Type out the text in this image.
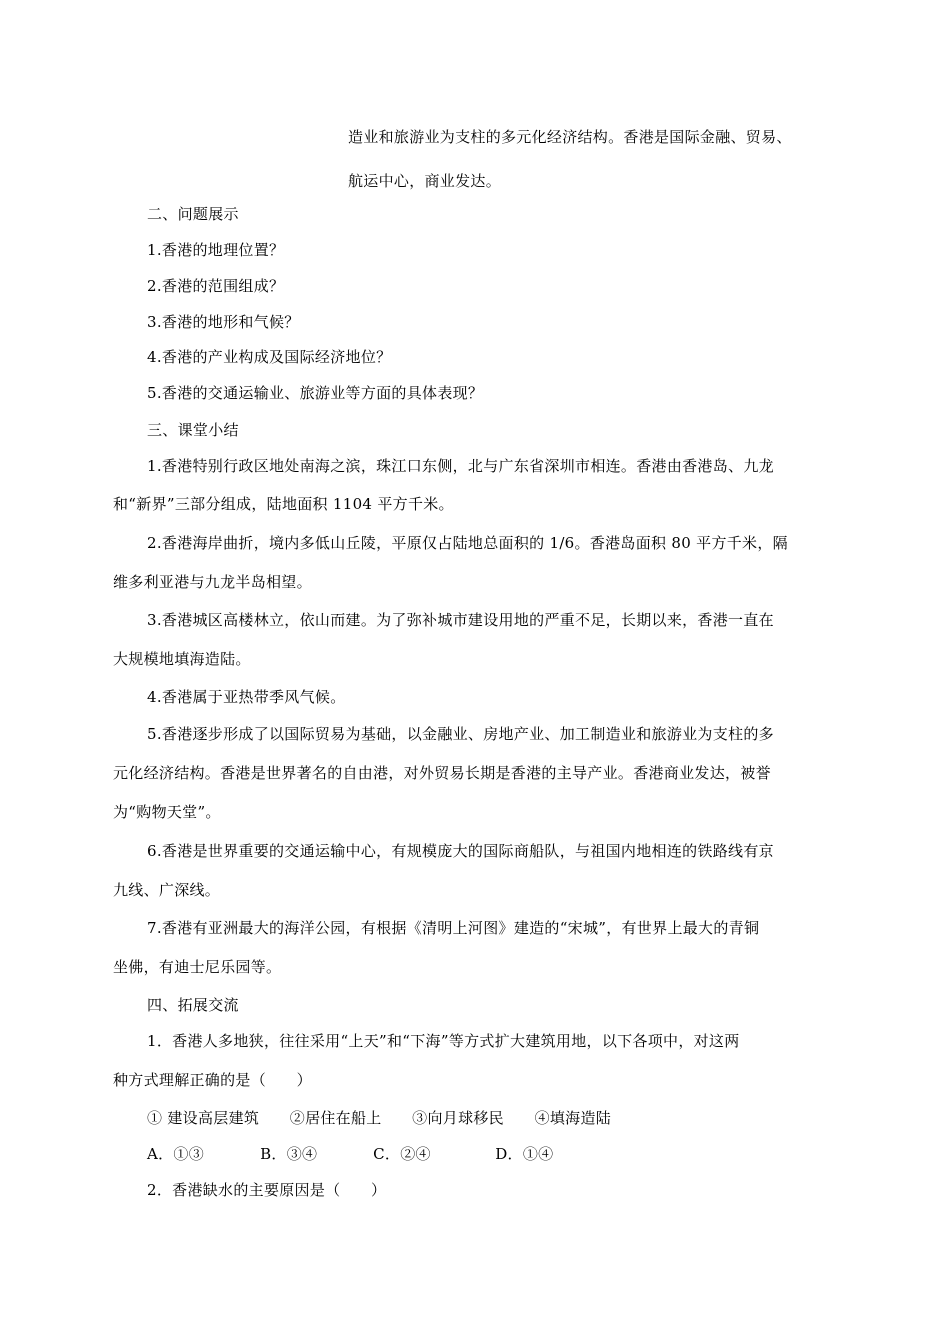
造业和旅游业为支柱的多元化经济结构。香港是国际金融、贸易、
航运中心，商业发达。
二、问题展示
1.香港的地理位置？
2.香港的范围组成？
3.香港的地形和气候？
4.香港的产业构成及国际经济地位？
5.香港的交通运输业、旅游业等方面的具体表现？
三、课堂小结
1.香港特别行政区地处南海之滨，珠江口东侧，北与广东省深圳市相连。香港由香港岛、九龙
和“新界”三部分组成，陆地面积 1104 平方千米。
2.香港海岸曲折，境内多低山丘陵，平原仅占陆地总面积的 1/6。香港岛面积 80 平方千米，隔
维多利亚港与九龙半岛相望。
3.香港城区高楼林立，依山而建。为了弥补城市建设用地的严重不足，长期以来，香港一直在
大规模地填海造陆。
4.香港属于亚热带季风气候。
5.香港逐步形成了以国际贸易为基础，以金融业、房地产业、加工制造业和旅游业为支柱的多
元化经济结构。香港是世界著名的自由港，对外贸易长期是香港的主导产业。香港商业发达，被誉
为“购物天堂”。
6.香港是世界重要的交通运输中心，有规模庞大的国际商船队，与祖国内地相连的铁路线有京
九线、广深线。
7.香港有亚洲最大的海洋公园，有根据《清明上河图》建造的“宋城”，有世界上最大的青铜
坐佛，有迪士尼乐园等。
四、拓展交流
1．香港人多地狭，往往采用“上天”和“下海”等方式扩大建筑用地，以下各项中，对这两
种方式理解正确的是（　　）
① 建设高层建筑　　②居住在船上　　③向月球移民　　④填海造陆
A．①③	B．③④	C．②④	D．①④
2．香港缺水的主要原因是（　　）
